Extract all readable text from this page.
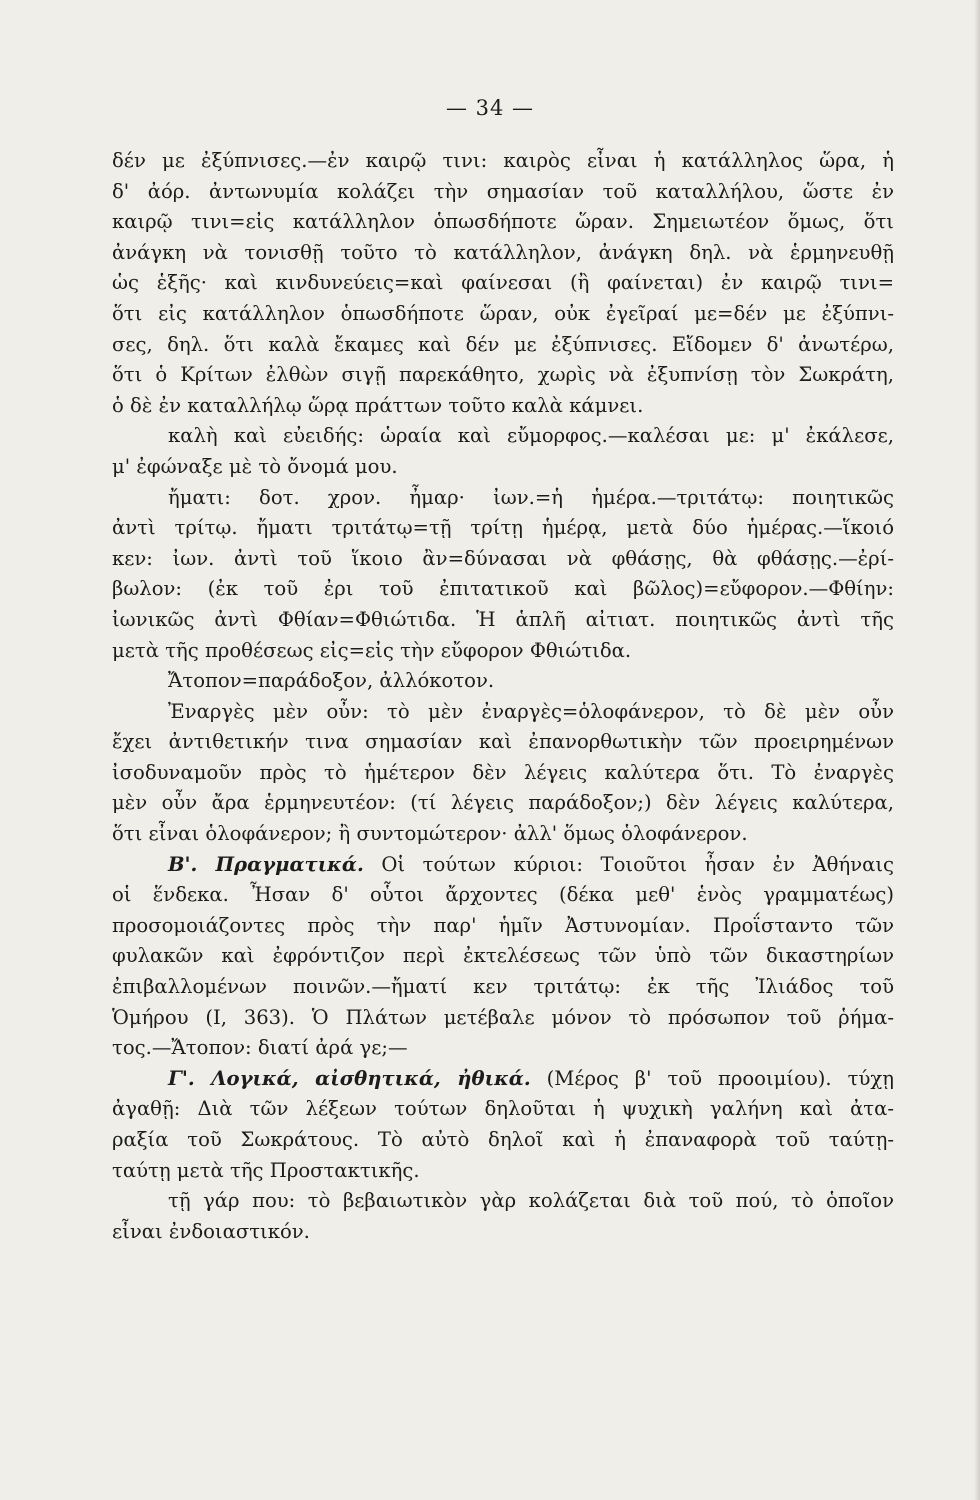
— 34 —

δέν με ἐξύπνισες.—ἐν καιρῷ τινι: καιρὸς εἶναι ἡ κατάλληλος ὥρα, ἡ
δ' ἀόρ. ἀντωνυμία κολάζει τὴν σημασίαν τοῦ καταλλήλου, ὥστε ἐν
καιρῷ τινι=εἰς κατάλληλον ὁπωσδήποτε ὥραν. Σημειωτέον ὅμως, ὅτι
ἀνάγκη νὰ τονισθῇ τοῦτο τὸ κατάλληλον, ἀνάγκη δηλ. νὰ ἑρμηνευθῇ
ὡς ἑξῆς· καὶ κινδυνεύεις=καὶ φαίνεσαι (ἢ φαίνεται) ἐν καιρῷ τινι=
ὅτι εἰς κατάλληλον ὁπωσδήποτε ὥραν, οὐκ ἐγεῖραί με=δέν με ἐξύπνι-
σες, δηλ. ὅτι καλὰ ἔκαμες καὶ δέν με ἐξύπνισες. Εἴδομεν δ' ἀνωτέρω,
ὅτι ὁ Κρίτων ἐλθὼν σιγῇ παρεκάθητο, χωρὶς νὰ ἐξυπνίσῃ τὸν Σωκράτη,
ὁ δὲ ἐν καταλλήλῳ ὥρᾳ πράττων τοῦτο καλὰ κάμνει.

καλὴ καὶ εὐειδής: ὡραία καὶ εὔμορφος.—καλέσαι με: μ' ἐκάλεσε,
μ' ἐφώναξε μὲ τὸ ὄνομά μου.

ἤματι: δοτ. χρον. ἦμαρ· ἰων.=ἡ ἡμέρα.—τριτάτῳ: ποιητικῶς
ἀντὶ τρίτῳ. ἤματι τριτάτῳ=τῇ τρίτῃ ἡμέρᾳ, μετὰ δύο ἡμέρας.—ἵκοιό
κεν: ἰων. ἀντὶ τοῦ ἵκοιο ἂν=δύνασαι νὰ φθάσῃς, θὰ φθάσῃς.—ἐρί-
βωλον: (ἐκ τοῦ ἐρι τοῦ ἐπιτατικοῦ καὶ βῶλος)=εὔφορον.—Φθίην:
ἰωνικῶς ἀντὶ Φθίαν=Φθιώτιδα. Ἡ ἁπλῆ αἰτιατ. ποιητικῶς ἀντὶ τῆς
μετὰ τῆς προθέσεως εἰς=εἰς τὴν εὔφορον Φθιώτιδα.

Ἄτοπον=παράδοξον, ἀλλόκοτον.

Ἐναργὲς μὲν οὖν: τὸ μὲν ἐναργὲς=ὁλοφάνερον, τὸ δὲ μὲν οὖν
ἔχει ἀντιθετικήν τινα σημασίαν καὶ ἐπανορθωτικὴν τῶν προειρημένων
ἰσοδυναμοῦν πρὸς τὸ ἡμέτερον δὲν λέγεις καλύτερα ὅτι. Τὸ ἐναργὲς
μὲν οὖν ἄρα ἑρμηνευτέον: (τί λέγεις παράδοξον;) δὲν λέγεις καλύτερα,
ὅτι εἶναι ὁλοφάνερον; ἢ συντομώτερον· ἀλλ' ὅμως ὁλοφάνερον.

Β'. Πραγματικά. Οἱ τούτων κύριοι: Τοιοῦτοι ἦσαν ἐν Ἀθήναις
οἱ ἕνδεκα. Ἦσαν δ' οὗτοι ἄρχοντες (δέκα μεθ' ἑνὸς γραμματέως)
προσομοιάζοντες πρὸς τὴν παρ' ἡμῖν Ἀστυνομίαν. Προΐσταντο τῶν
φυλακῶν καὶ ἐφρόντιζον περὶ ἐκτελέσεως τῶν ὑπὸ τῶν δικαστηρίων
ἐπιβαλλομένων ποινῶν.—ἤματί κεν τριτάτῳ: ἐκ τῆς Ἰλιάδος τοῦ
Ὁμήρου (Ι, 363). Ὁ Πλάτων μετέβαλε μόνον τὸ πρόσωπον τοῦ ῥήμα-
τος.—Ἄτοπον: διατί ἀρά γε;—

Γ'. Λογικά, αἰσθητικά, ἠθικά. (Μέρος β' τοῦ προοιμίου). τύχῃ
ἀγαθῇ: Διὰ τῶν λέξεων τούτων δηλοῦται ἡ ψυχικὴ γαλήνη καὶ ἀτα-
ραξία τοῦ Σωκράτους. Τὸ αὐτὸ δηλοῖ καὶ ἡ ἐπαναφορὰ τοῦ ταύτῃ-
ταύτῃ μετὰ τῆς Προστακτικῆς.

τῇ γάρ που: τὸ βεβαιωτικὸν γὰρ κολάζεται διὰ τοῦ πού, τὸ ὁποῖον
εἶναι ἐνδοιαστικόν.
